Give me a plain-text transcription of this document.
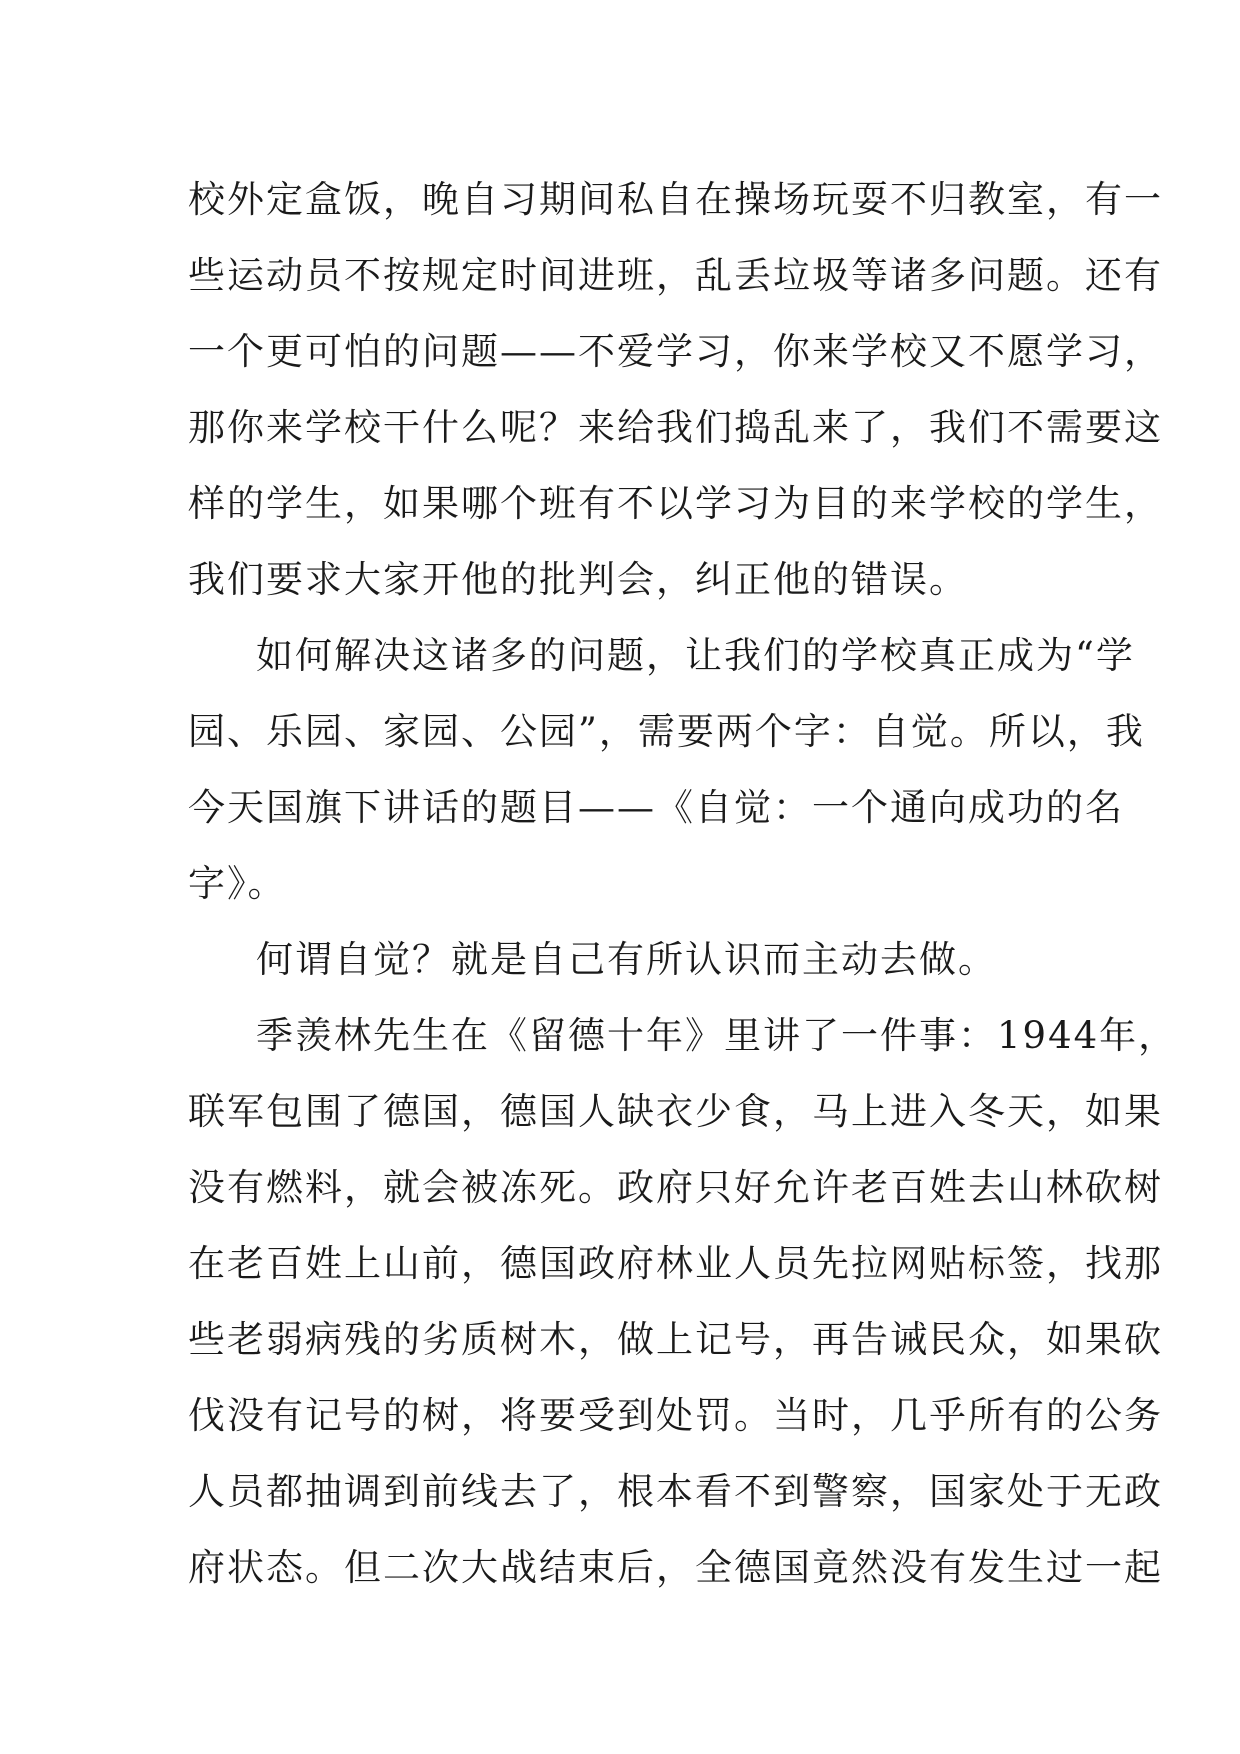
校外定盒饭，晚自习期间私自在操场玩耍不归教室，有一
些运动员不按规定时间进班，乱丢垃圾等诸多问题。还有
一个更可怕的问题——不爱学习，你来学校又不愿学习，
那你来学校干什么呢？来给我们捣乱来了，我们不需要这
样的学生，如果哪个班有不以学习为目的来学校的学生，
我们要求大家开他的批判会，纠正他的错误。
如何解决这诸多的问题，让我们的学校真正成为“学
园、乐园、家园、公园”，需要两个字：自觉。所以，我
今天国旗下讲话的题目——《自觉：一个通向成功的名
字》。
何谓自觉？就是自己有所认识而主动去做。
季羡林先生在《留德十年》里讲了一件事：1944年，
联军包围了德国，德国人缺衣少食，马上进入冬天，如果
没有燃料，就会被冻死。政府只好允许老百姓去山林砍树
在老百姓上山前，德国政府林业人员先拉网贴标签，找那
些老弱病残的劣质树木，做上记号，再告诫民众，如果砍
伐没有记号的树，将要受到处罚。当时，几乎所有的公务
人员都抽调到前线去了，根本看不到警察，国家处于无政
府状态。但二次大战结束后，全德国竟然没有发生过一起
